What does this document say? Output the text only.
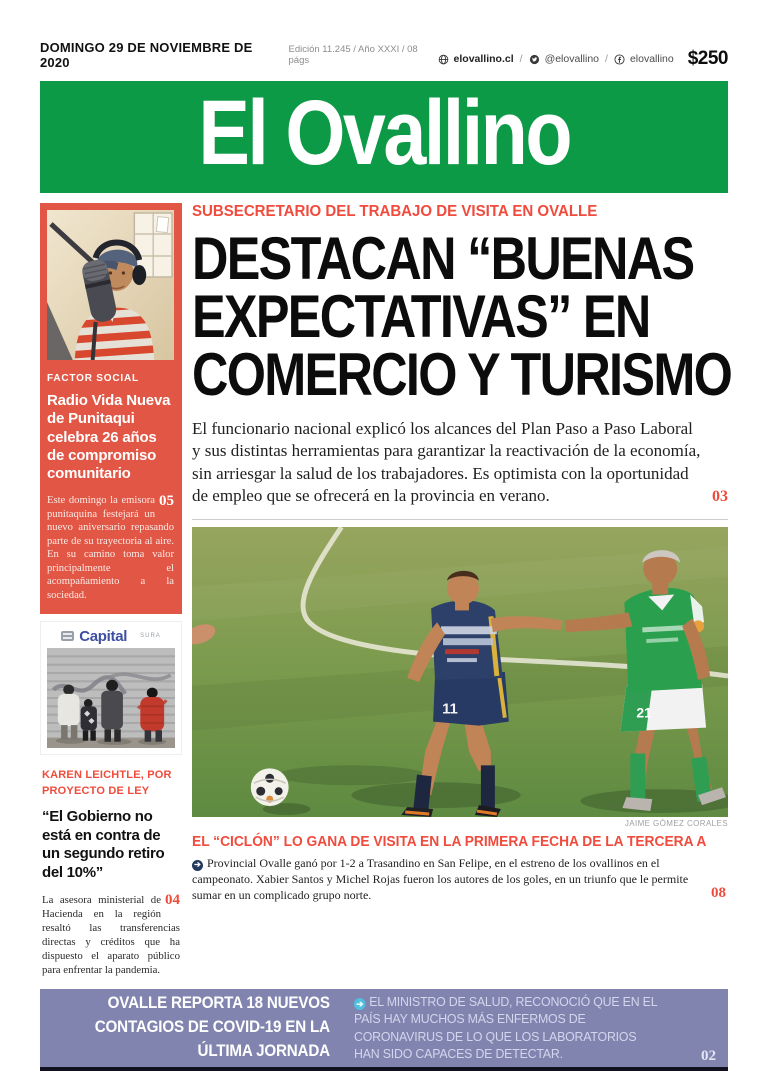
DOMINGO 29 DE NOVIEMBRE DE 2020
Edición 11.245 / Año XXXI / 08 págs	elovallino.cl / @elovallino / elovallino $250
El Ovallino
FACTOR SOCIAL
Radio Vida Nueva de Punitaqui celebra 26 años de compromiso comunitario
05
Este domingo la emisora punitaquina festejará un nuevo aniversario repasando parte de su trayectoria al aire. En su camino toma valor principalmente el acompañamiento a la sociedad.
Capital SURA
KAREN LEICHTLE, POR PROYECTO DE LEY
“El Gobierno no está en contra de un segundo retiro del 10%”
04
La asesora ministerial de Hacienda en la región resaltó las transferencias directas y créditos que ha dispuesto el aparato público para enfrentar la pandemia.
SUBSECRETARIO DEL TRABAJO DE VISITA EN OVALLE
DESTACAN “BUENAS
EXPECTATIVAS” EN
COMERCIO Y TURISMO
El funcionario nacional explicó los alcances del Plan Paso a Paso Laboral y sus distintas herramientas para garantizar la reactivación de la economía, sin arriesgar la salud de los trabajadores. Es optimista con la oportunidad de empleo que se ofrecerá en la provincia en verano.	03
11	21
JAIME GÓMEZ CORALES
EL “CICLÓN” LO GANA DE VISITA EN LA PRIMERA FECHA DE LA TERCERA A
➔ Provincial Ovalle ganó por 1-2 a Trasandino en San Felipe, en el estreno de los ovallinos en el campeonato. Xabier Santos y Michel Rojas fueron los autores de los goles, en un triunfo que le permite sumar en un complicado grupo norte.	08
OVALLE REPORTA 18 NUEVOS CONTAGIOS DE COVID-19 EN LA ÚLTIMA JORNADA
➔ EL MINISTRO DE SALUD, RECONOCIÓ QUE EN EL PAÍS HAY MUCHOS MÁS ENFERMOS DE CORONAVIRUS DE LO QUE LOS LABORATORIOS HAN SIDO CAPACES DE DETECTAR.	02
